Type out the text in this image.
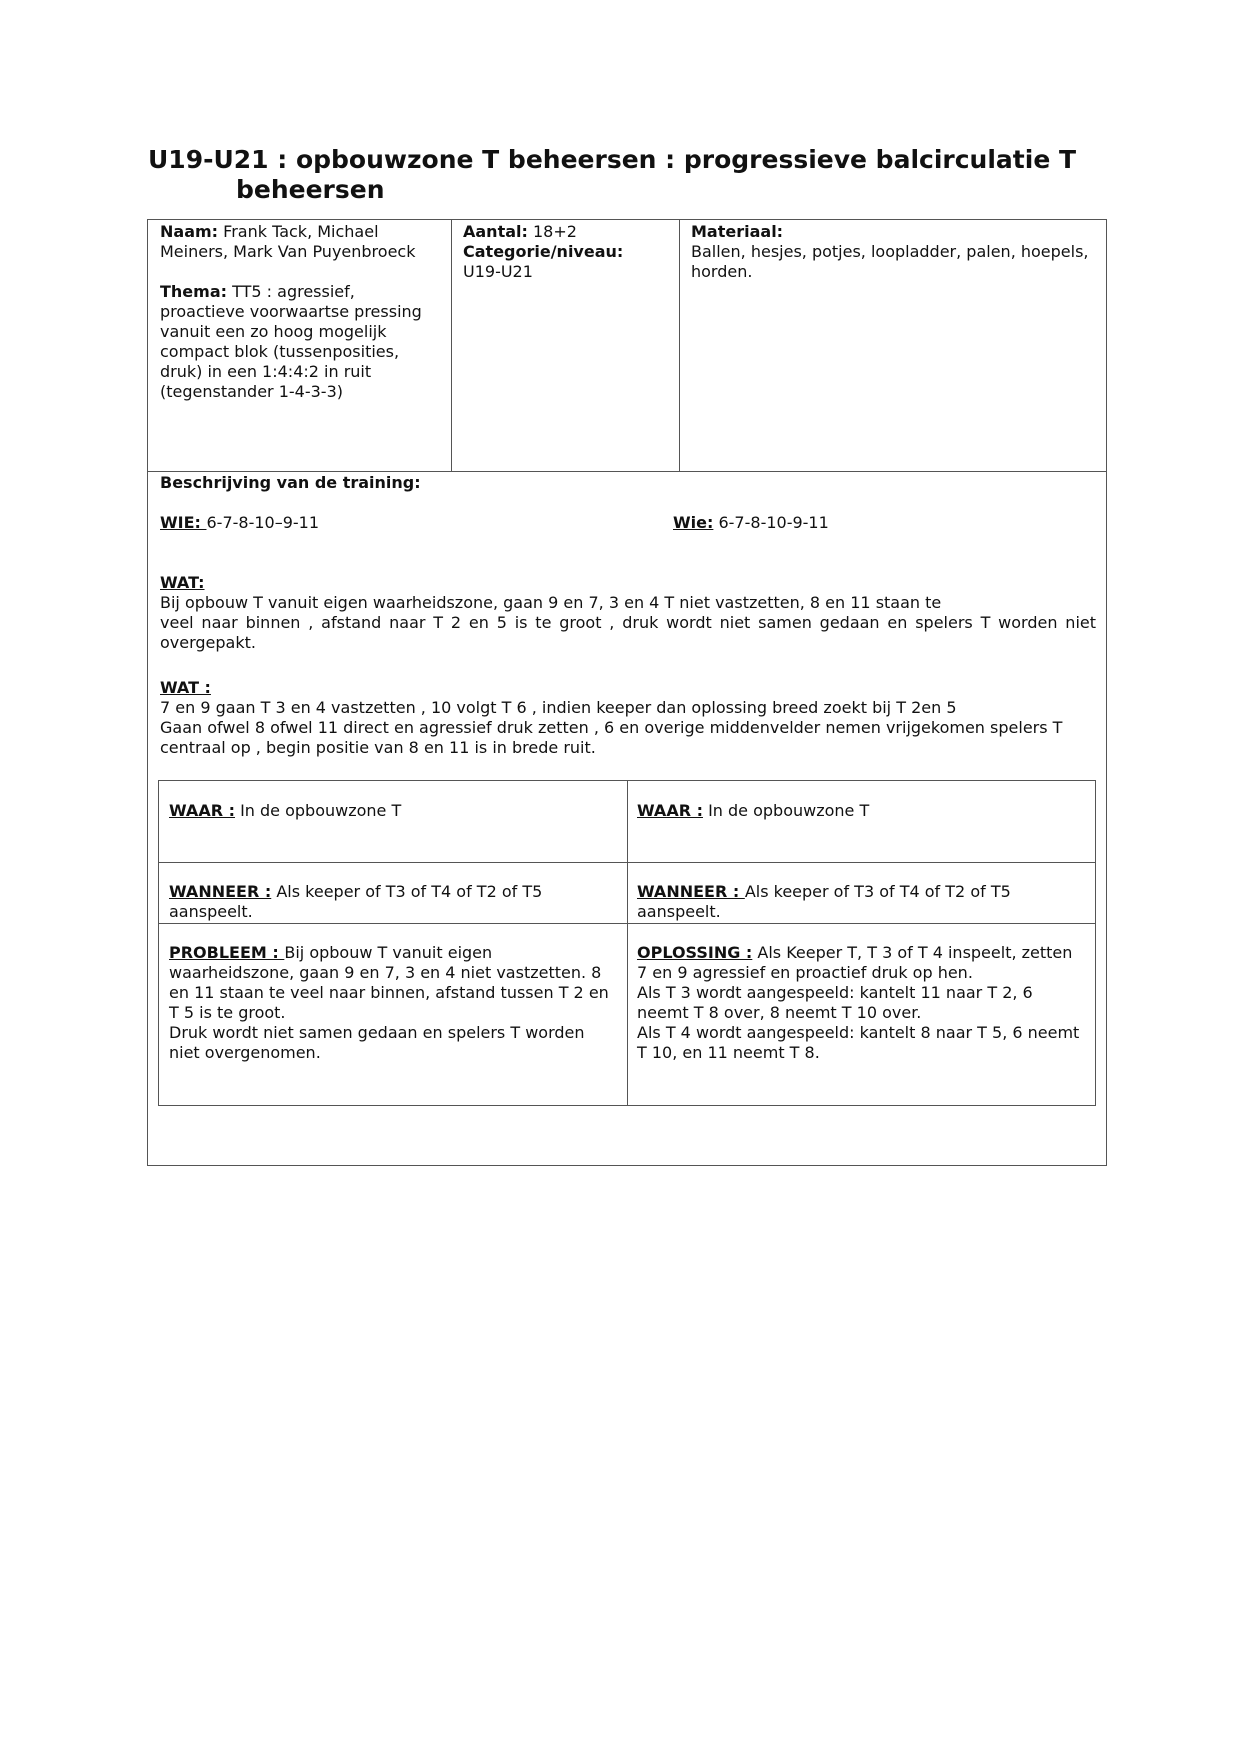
U19-U21 : opbouwzone T beheersen : progressieve balcirculatie T
beheersen

Naam: Frank Tack, Michael Meiners, Mark Van Puyenbroeck

Thema: TT5 : agressief, proactieve voorwaartse pressing vanuit een zo hoog mogelijk compact blok (tussenposities, druk) in een 1:4:4:2 in ruit (tegenstander 1-4-3-3)

Aantal: 18+2

Categorie/niveau:

U19-U21

Materiaal:

Ballen, hesjes, potjes, loopladder, palen, hoepels, horden.

Beschrijving van de training:

WIE: 6-7-8-10–9-11	Wie: 6-7-8-10-9-11

WAT:

Bij opbouw T vanuit eigen waarheidszone, gaan 9 en 7, 3 en 4 T niet vastzetten, 8 en 11 staan te

veel naar binnen , afstand naar T 2 en 5 is te groot , druk wordt niet samen gedaan en spelers T worden niet overgepakt.

WAT :

7 en 9 gaan T 3 en 4 vastzetten , 10 volgt T 6 , indien keeper dan oplossing breed zoekt bij T 2en 5

Gaan ofwel 8 ofwel 11 direct en agressief druk zetten , 6 en overige middenvelder nemen vrijgekomen spelers T centraal op , begin positie van 8 en 11 is in brede ruit.

WAAR : In de opbouwzone T	WAAR : In de opbouwzone T
WANNEER : Als keeper of T3 of T4 of T2 of T5 aanspeelt.
WANNEER : Als keeper of T3 of T4 of T2 of T5 aanspeelt.

PROBLEEM : Bij opbouw T vanuit eigen waarheidszone, gaan 9 en 7, 3 en 4 niet vastzetten. 8 en 11 staan te veel naar binnen, afstand tussen T 2 en T 5 is te groot.

Druk wordt niet samen gedaan en spelers T worden niet overgenomen.

OPLOSSING : Als Keeper T, T 3 of T 4 inspeelt, zetten 7 en 9 agressief en proactief druk op hen.

Als T 3 wordt aangespeeld: kantelt 11 naar T 2, 6 neemt T 8 over, 8 neemt T 10 over.

Als T 4 wordt aangespeeld: kantelt 8 naar T 5, 6 neemt T 10, en 11 neemt T 8.
